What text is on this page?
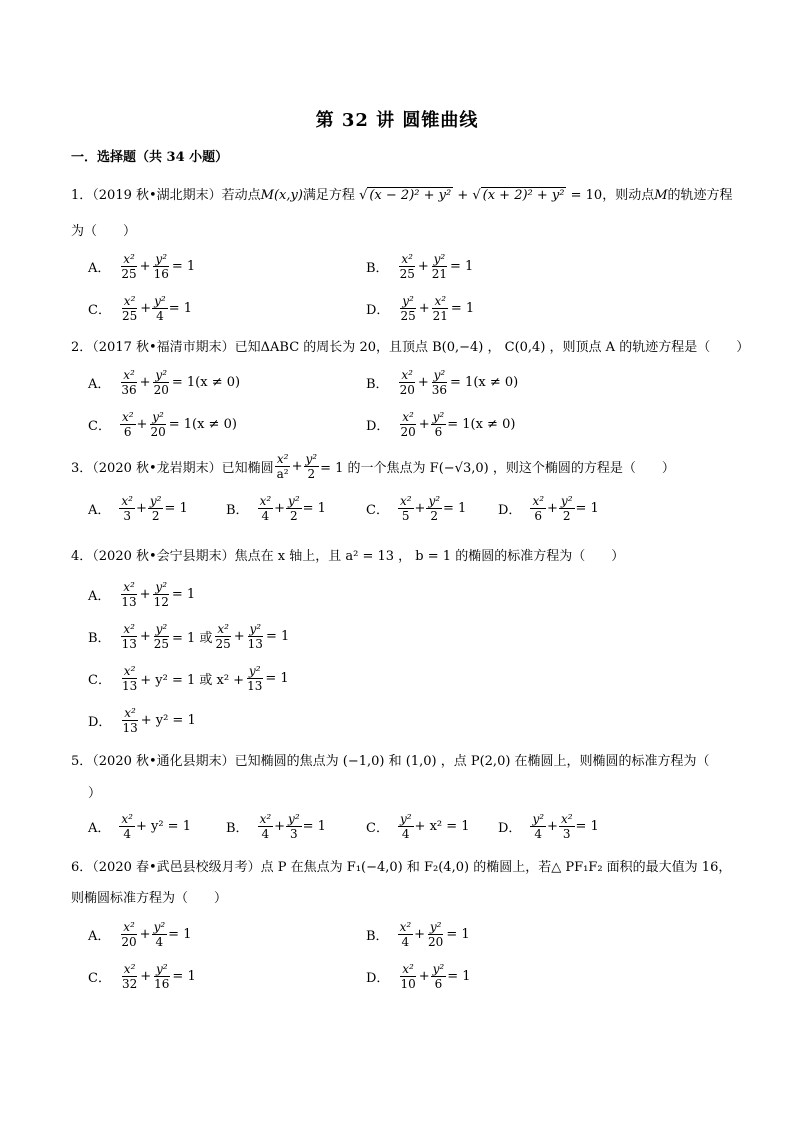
第 32 讲 圆锥曲线
一．选择题（共 34 小题）
1．（2019 秋•湖北期末）若动点M(x,y)满足方程 √ (x − 2)² + y² + √ (x + 2)² + y² = 10，则动点M的轨迹方程
为（　　）
A． $\frac{\text{x²}}{25} + \frac{\text{y²}}{16} = 1$	B． $\frac{\text{x²}}{25} + \frac{\text{y²}}{21} = 1$
C． $\frac{\text{x²}}{25} + \frac{\text{y²}}{4} = 1$	D． $\frac{\text{y²}}{25} + \frac{\text{x²}}{21} = 1$
2．（2017 秋•福清市期末）已知ΔABC 的周长为 20，且顶点 B(0,−4) ， C(0,4) ，则顶点 A 的轨迹方程是（　　）
A． $\frac{\text{x²}}{36} + \frac{\text{y²}}{20} = 1(x \ne 0)$	B． $\frac{\text{x²}}{20} + \frac{\text{y²}}{36} = 1(x \ne 0)$
C． $\frac{\text{x²}}{6} + \frac{\text{y²}}{20} = 1(x \ne 0)$	D． $\frac{\text{x²}}{20} + \frac{\text{y²}}{6} = 1(x \ne 0)$
3．（2020 秋•龙岩期末）已知椭圆 $\frac{\text{x²}}{\text{a²}} + \frac{\text{y²}}{2} = 1$ 的一个焦点为 F(−√3,0) ，则这个椭圆的方程是（　　）
A． $\frac{\text{x²}}{3} + \frac{\text{y²}}{2} = 1$	B． $\frac{\text{x²}}{4} + \frac{\text{y²}}{2} = 1$	C． $\frac{\text{x²}}{5} + \frac{\text{y²}}{2} = 1$ D． $\frac{\text{x²}}{6} + \frac{\text{y²}}{2} = 1$
4．（2020 秋•会宁县期末）焦点在 x 轴上，且 a² = 13 ， b = 1 的椭圆的标准方程为（　　）
A． $\frac{\text{x²}}{13} + \frac{\text{y²}}{12} = 1$
B． $\frac{\text{x²}}{13} + \frac{\text{y²}}{25} = 1$ 或 $\frac{\text{x²}}{25} + \frac{\text{y²}}{13} = 1$
C． $\frac{\text{x²}}{13} + y^2 = 1$ 或 $x^2 + \frac{\text{y²}}{13} = 1$
D． $\frac{\text{x²}}{13} + y^2 = 1$
5．（2020 秋•通化县期末）已知椭圆的焦点为 (−1,0) 和 (1,0) ，点 P(2,0) 在椭圆上，则椭圆的标准方程为（
）
A． $\frac{\text{x²}}{4} + y^2 = 1$	B． $\frac{\text{x²}}{4} + \frac{\text{y²}}{3} = 1$	C． $\frac{\text{y²}}{4} + x^2 = 1$ D． $\frac{\text{y²}}{4} + \frac{\text{x²}}{3} = 1$
6．（2020 春•武邑县校级月考）点 P 在焦点为 F₁(−4,0) 和 F₂(4,0) 的椭圆上，若△ PF₁F₂ 面积的最大值为 16，
则椭圆标准方程为（　　）
A． $\frac{\text{x²}}{20} + \frac{\text{y²}}{4} = 1$	B． $\frac{\text{x²}}{4} + \frac{\text{y²}}{20} = 1$
C． $\frac{\text{x²}}{32} + \frac{\text{y²}}{16} = 1$	D． $\frac{\text{x²}}{10} + \frac{\text{y²}}{6} = 1$
